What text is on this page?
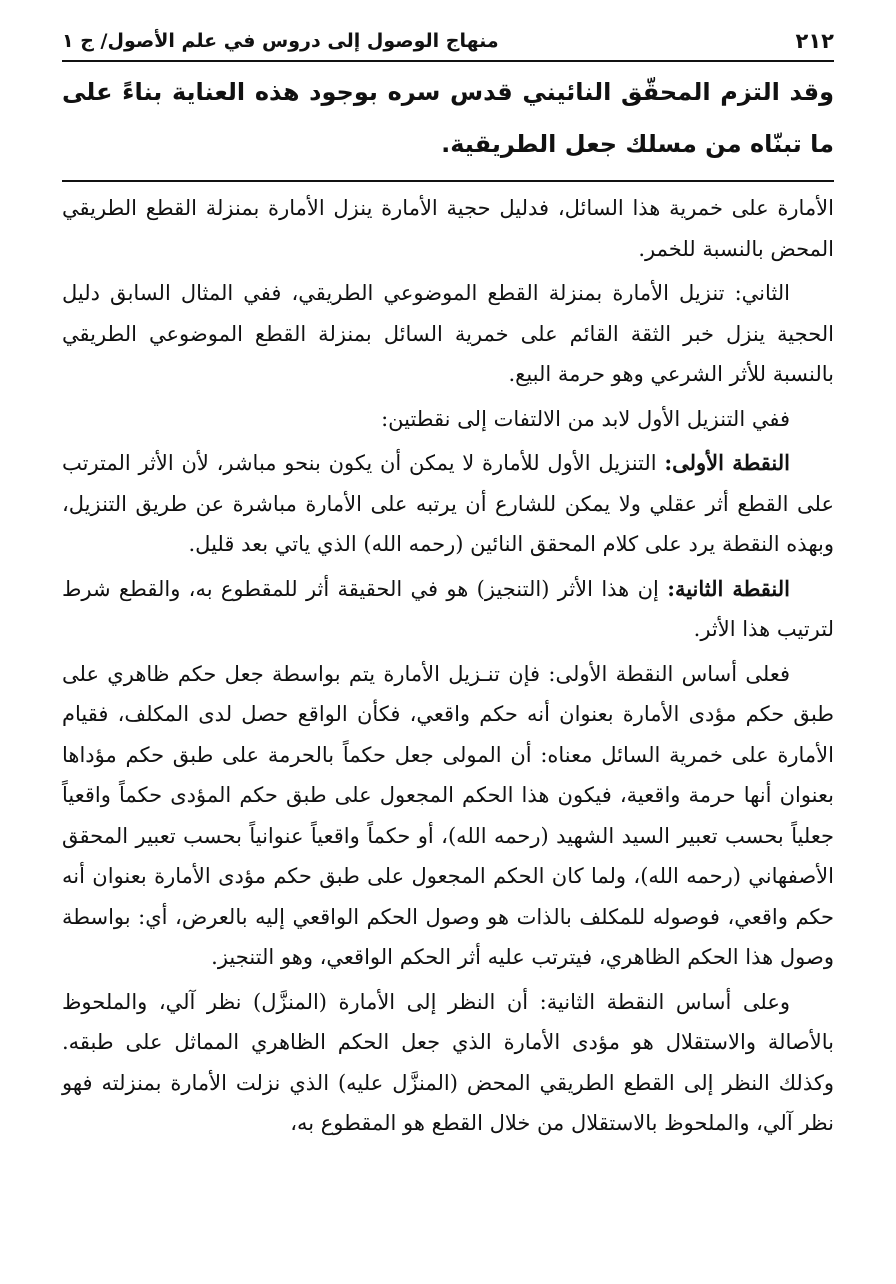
٢١٢
منهاج الوصول إلى دروس في علم الأصول/ ج ١

وقد التزم المحقّق النائيني قدس سره بوجود هذه العناية بناءً على ما تبنّاه من مسلك جعل الطريقية.

الأمارة على خمرية هذا السائل، فدليل حجية الأمارة ينزل الأمارة بمنزلة القطع الطريقي المحض بالنسبة للخمر.

الثاني: تنزيل الأمارة بمنزلة القطع الموضوعي الطريقي، ففي المثال السابق دليل الحجية ينزل خبر الثقة القائم على خمرية السائل بمنزلة القطع الموضوعي الطريقي بالنسبة للأثر الشرعي وهو حرمة البيع.

ففي التنزيل الأول لابد من الالتفات إلى نقطتين:

النقطة الأولى: التنزيل الأول للأمارة لا يمكن أن يكون بنحو مباشر، لأن الأثر المترتب على القطع أثر عقلي ولا يمكن للشارع أن يرتبه على الأمارة مباشرة عن طريق التنزيل، وبهذه النقطة يرد على كلام المحقق النائين (رحمه الله) الذي ياتي بعد قليل.

النقطة الثانية: إن هذا الأثر (التنجيز) هو في الحقيقة أثر للمقطوع به، والقطع شرط لترتيب هذا الأثر.

فعلى أساس النقطة الأولى: فإن تنـزيل الأمارة يتم بواسطة جعل حكم ظاهري على طبق حكم مؤدى الأمارة بعنوان أنه حكم واقعي، فكأن الواقع حصل لدى المكلف، فقيام الأمارة على خمرية السائل معناه: أن المولى جعل حكماً بالحرمة على طبق حكم مؤداها بعنوان أنها حرمة واقعية، فيكون هذا الحكم المجعول على طبق حكم المؤدى حكماً واقعياً جعلياً بحسب تعبير السيد الشهيد (رحمه الله)، أو حكماً واقعياً عنوانياً بحسب تعبير المحقق الأصفهاني (رحمه الله)، ولما كان الحكم المجعول على طبق حكم مؤدى الأمارة بعنوان أنه حكم واقعي، فوصوله للمكلف بالذات هو وصول الحكم الواقعي إليه بالعرض، أي: بواسطة وصول هذا الحكم الظاهري، فيترتب عليه أثر الحكم الواقعي، وهو التنجيز.

وعلى أساس النقطة الثانية: أن النظر إلى الأمارة (المنزَّل) نظر آلي، والملحوظ بالأصالة والاستقلال هو مؤدى الأمارة الذي جعل الحكم الظاهري المماثل على طبقه. وكذلك النظر إلى القطع الطريقي المحض (المنزَّل عليه) الذي نزلت الأمارة بمنزلته فهو نظر آلي، والملحوظ بالاستقلال من خلال القطع هو المقطوع به،
